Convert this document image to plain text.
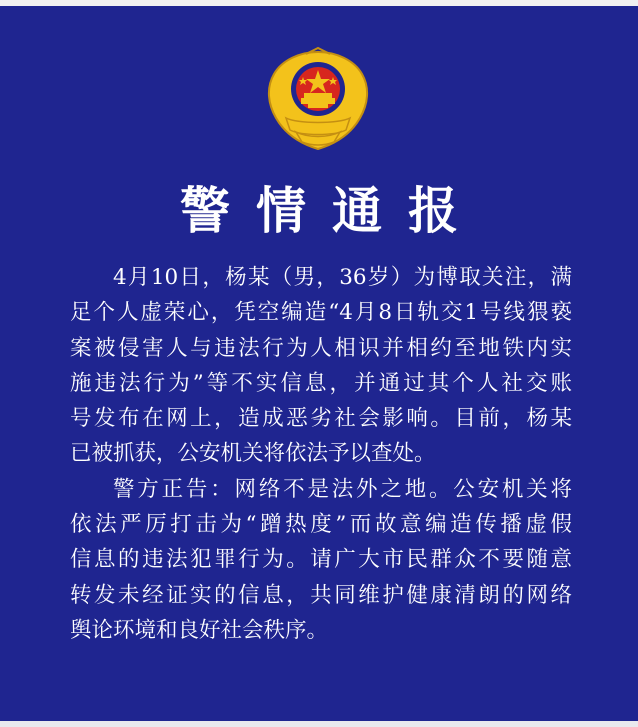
警情通报
4月10日，杨某（男，36岁）为博取关注，满
足个人虚荣心，凭空编造“4月8日轨交1号线猥亵
案被侵害人与违法行为人相识并相约至地铁内实
施违法行为”等不实信息，并通过其个人社交账
号发布在网上，造成恶劣社会影响。目前，杨某
已被抓获，公安机关将依法予以查处。
警方正告：网络不是法外之地。公安机关将
依法严厉打击为“蹭热度”而故意编造传播虚假
信息的违法犯罪行为。请广大市民群众不要随意
转发未经证实的信息，共同维护健康清朗的网络
舆论环境和良好社会秩序。
